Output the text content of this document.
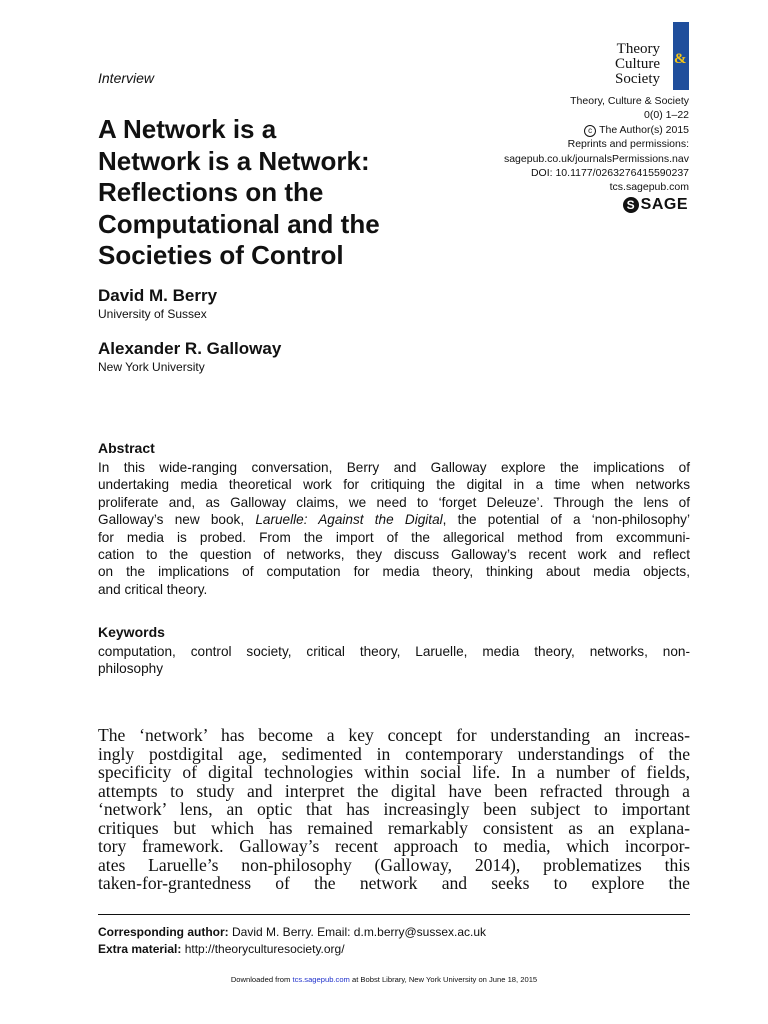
Theory
Culture
Society
&
Interview
Theory, Culture & Society
0(0) 1–22
c The Author(s) 2015
Reprints and permissions:
sagepub.co.uk/journalsPermissions.nav
DOI: 10.1177/0263276415590237
tcs.sagepub.com
S SAGE
A Network is a
Network is a Network:
Reflections on the
Computational and the
Societies of Control
David M. Berry
University of Sussex
Alexander R. Galloway
New York University
Abstract
In this wide-ranging conversation, Berry and Galloway explore the implications of
undertaking media theoretical work for critiquing the digital in a time when networks
proliferate and, as Galloway claims, we need to ‘forget Deleuze’. Through the lens of
Galloway’s new book, Laruelle: Against the Digital, the potential of a ‘non-philosophy’
for media is probed. From the import of the allegorical method from excommuni-
cation to the question of networks, they discuss Galloway’s recent work and reflect
on the implications of computation for media theory, thinking about media objects,
and critical theory.
Keywords
computation, control society, critical theory, Laruelle, media theory, networks, non-
philosophy
The ‘network’ has become a key concept for understanding an increas-
ingly postdigital age, sedimented in contemporary understandings of the
specificity of digital technologies within social life. In a number of fields,
attempts to study and interpret the digital have been refracted through a
‘network’ lens, an optic that has increasingly been subject to important
critiques but which has remained remarkably consistent as an explana-
tory framework. Galloway’s recent approach to media, which incorpor-
ates Laruelle’s non-philosophy (Galloway, 2014), problematizes this
taken-for-grantedness of the network and seeks to explore the
Corresponding author: David M. Berry. Email: d.m.berry@sussex.ac.uk
Extra material: http://theoryculturesociety.org/
Downloaded from tcs.sagepub.com at Bobst Library, New York University on June 18, 2015
